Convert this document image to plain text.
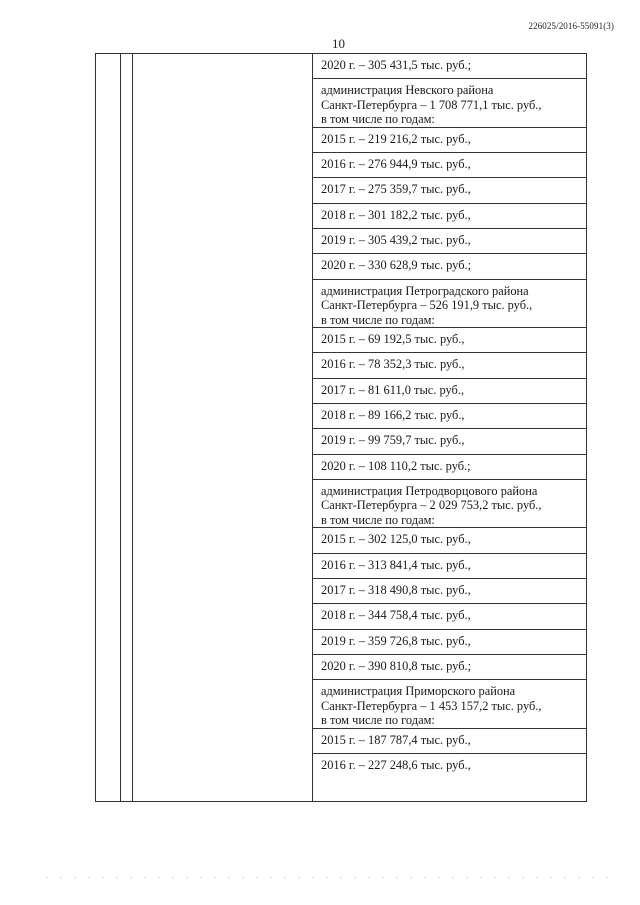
226025/2016-55091(3)
10
2020 г. – 305 431,5 тыс. руб.;
администрация Невского района
Санкт-Петербурга – 1 708 771,1 тыс. руб.,
в том числе по годам:
2015 г. – 219 216,2 тыс. руб.,
2016 г. – 276 944,9 тыс. руб.,
2017 г. – 275 359,7 тыс. руб.,
2018 г. – 301 182,2 тыс. руб.,
2019 г. – 305 439,2 тыс. руб.,
2020 г. – 330 628,9 тыс. руб.;
администрация Петроградского района
Санкт-Петербурга – 526 191,9 тыс. руб.,
в том числе по годам:
2015 г. – 69 192,5 тыс. руб.,
2016 г. – 78 352,3 тыс. руб.,
2017 г. – 81 611,0 тыс. руб.,
2018 г. – 89 166,2 тыс. руб.,
2019 г. – 99 759,7 тыс. руб.,
2020 г. – 108 110,2 тыс. руб.;
администрация Петродворцового района
Санкт-Петербурга – 2 029 753,2 тыс. руб.,
в том числе по годам:
2015 г. – 302 125,0 тыс. руб.,
2016 г. – 313 841,4 тыс. руб.,
2017 г. – 318 490,8 тыс. руб.,
2018 г. – 344 758,4 тыс. руб.,
2019 г. – 359 726,8 тыс. руб.,
2020 г. – 390 810,8 тыс. руб.;
администрация Приморского района
Санкт-Петербурга – 1 453 157,2 тыс. руб.,
в том числе по годам:
2015 г. – 187 787,4 тыс. руб.,
2016 г. – 227 248,6 тыс. руб.,
